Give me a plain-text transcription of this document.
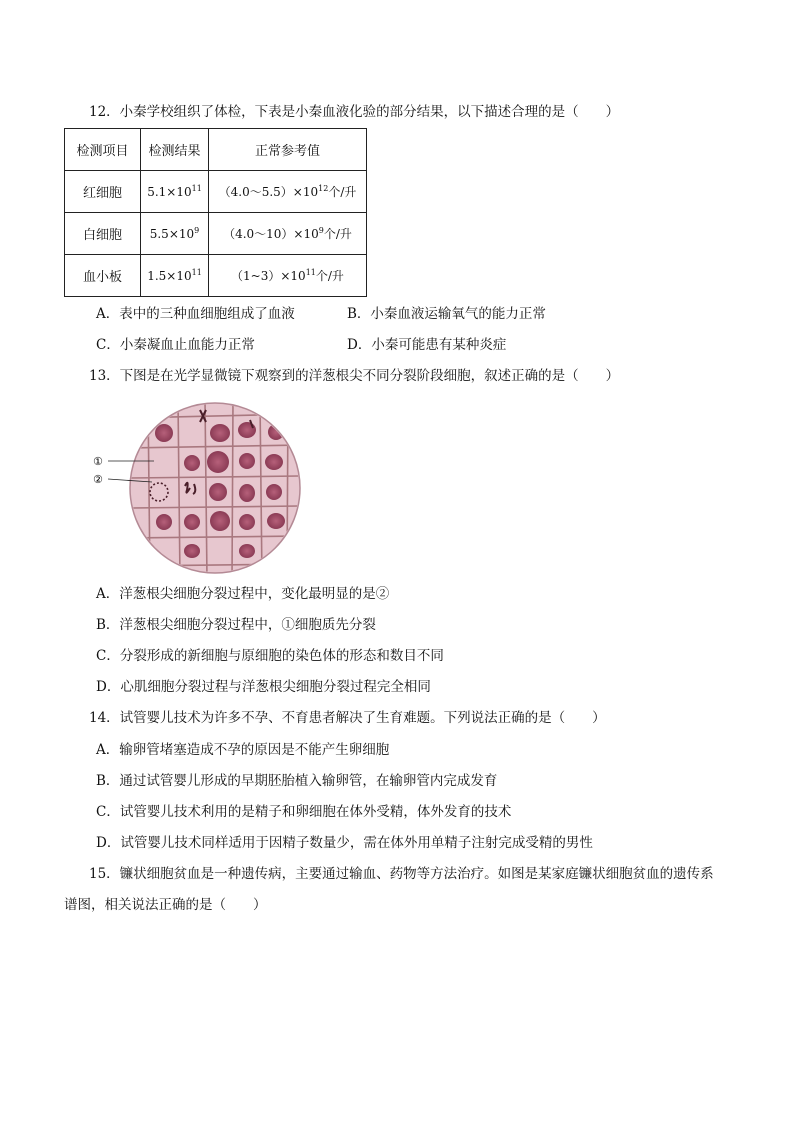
12．小秦学校组织了体检，下表是小秦血液化验的部分结果，以下描述合理的是（　　）
检测项目	检测结果	正常参考值
红细胞	$5.1\times 10^{11}$	$(4.0\sim 5.5)\times 10^{12}$个/升
白细胞	$5.5\times 10^9$	$(4.0\sim 10)\times 10^9$个/升
血小板	$1.5\times 10^{11}$	$(1\sim 3)\times 10^{11}$个/升
A．表中的三种血细胞组成了血液	B．小秦血液运输氧气的能力正常
C．小秦凝血止血能力正常	D．小秦可能患有某种炎症
13．下图是在光学显微镜下观察到的洋葱根尖不同分裂阶段细胞，叙述正确的是（　　）
①
②
A．洋葱根尖细胞分裂过程中，变化最明显的是②
B．洋葱根尖细胞分裂过程中，①细胞质先分裂
C．分裂形成的新细胞与原细胞的染色体的形态和数目不同
D．心肌细胞分裂过程与洋葱根尖细胞分裂过程完全相同
14．试管婴儿技术为许多不孕、不育患者解决了生育难题。下列说法正确的是（　　）
A．输卵管堵塞造成不孕的原因是不能产生卵细胞
B．通过试管婴儿形成的早期胚胎植入输卵管，在输卵管内完成发育
C．试管婴儿技术利用的是精子和卵细胞在体外受精，体外发育的技术
D．试管婴儿技术同样适用于因精子数量少，需在体外用单精子注射完成受精的男性
15．镰状细胞贫血是一种遗传病，主要通过输血、药物等方法治疗。如图是某家庭镰状细胞贫血的遗传系
谱图，相关说法正确的是（　　）
